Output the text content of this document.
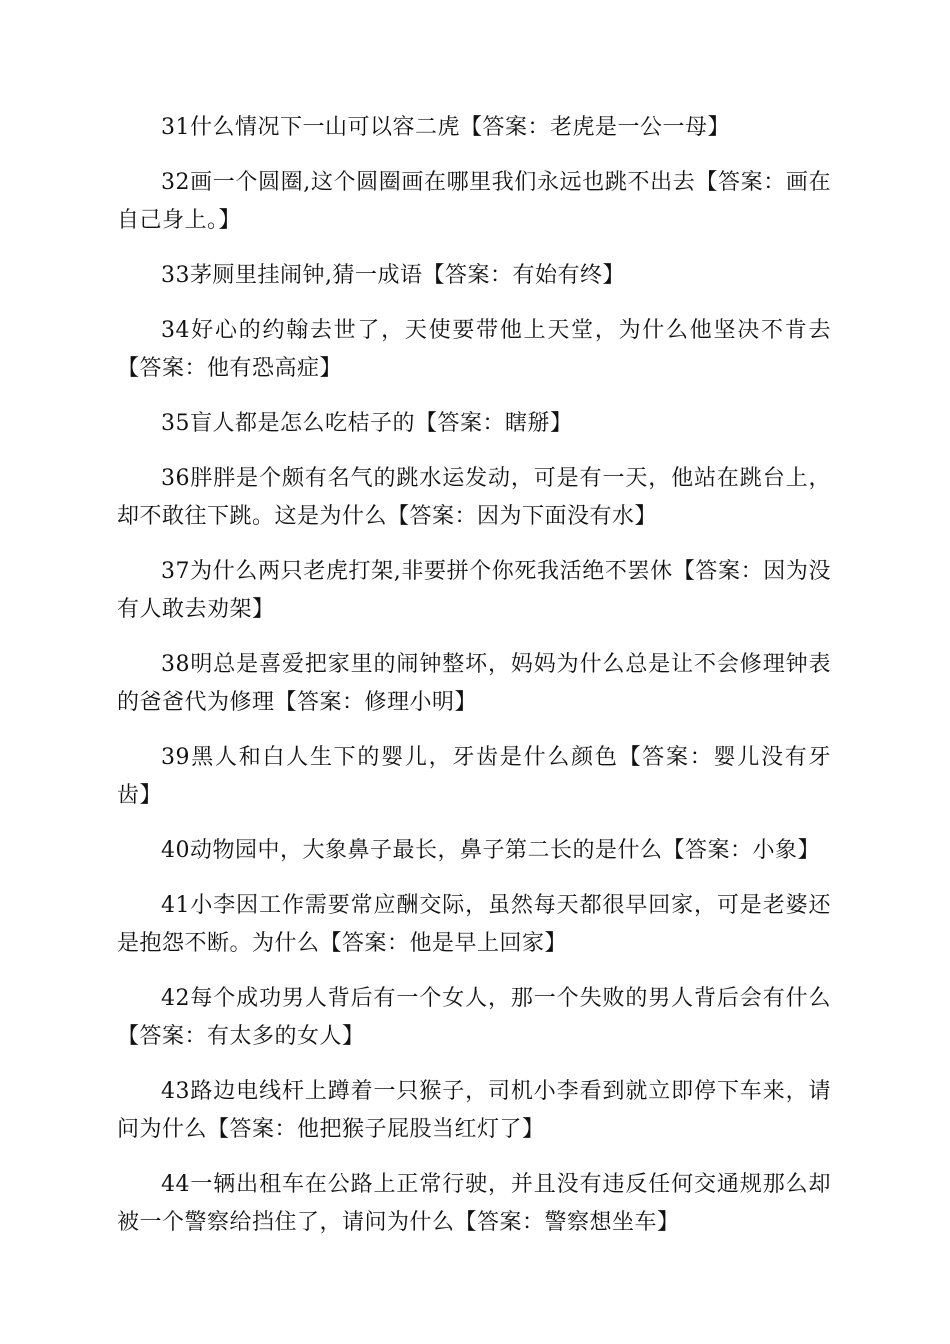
31什么情况下一山可以容二虎【答案：老虎是一公一母】

32画一个圆圈,这个圆圈画在哪里我们永远也跳不出去【答案：画在自己身上。】

33茅厕里挂闹钟,猜一成语【答案：有始有终】

34好心的约翰去世了，天使要带他上天堂，为什么他坚决不肯去【答案：他有恐高症】

35盲人都是怎么吃桔子的【答案：瞎掰】

36胖胖是个颇有名气的跳水运发动，可是有一天，他站在跳台上，却不敢往下跳。这是为什么【答案：因为下面没有水】

37为什么两只老虎打架,非要拼个你死我活绝不罢休【答案：因为没有人敢去劝架】

38明总是喜爱把家里的闹钟整坏，妈妈为什么总是让不会修理钟表的爸爸代为修理【答案：修理小明】

39黑人和白人生下的婴儿，牙齿是什么颜色【答案：婴儿没有牙齿】

40动物园中，大象鼻子最长，鼻子第二长的是什么【答案：小象】

41小李因工作需要常应酬交际，虽然每天都很早回家，可是老婆还是抱怨不断。为什么【答案：他是早上回家】

42每个成功男人背后有一个女人，那一个失败的男人背后会有什么【答案：有太多的女人】

43路边电线杆上蹲着一只猴子，司机小李看到就立即停下车来，请问为什么【答案：他把猴子屁股当红灯了】

44一辆出租车在公路上正常行驶，并且没有违反任何交通规那么却被一个警察给挡住了，请问为什么【答案：警察想坐车】
